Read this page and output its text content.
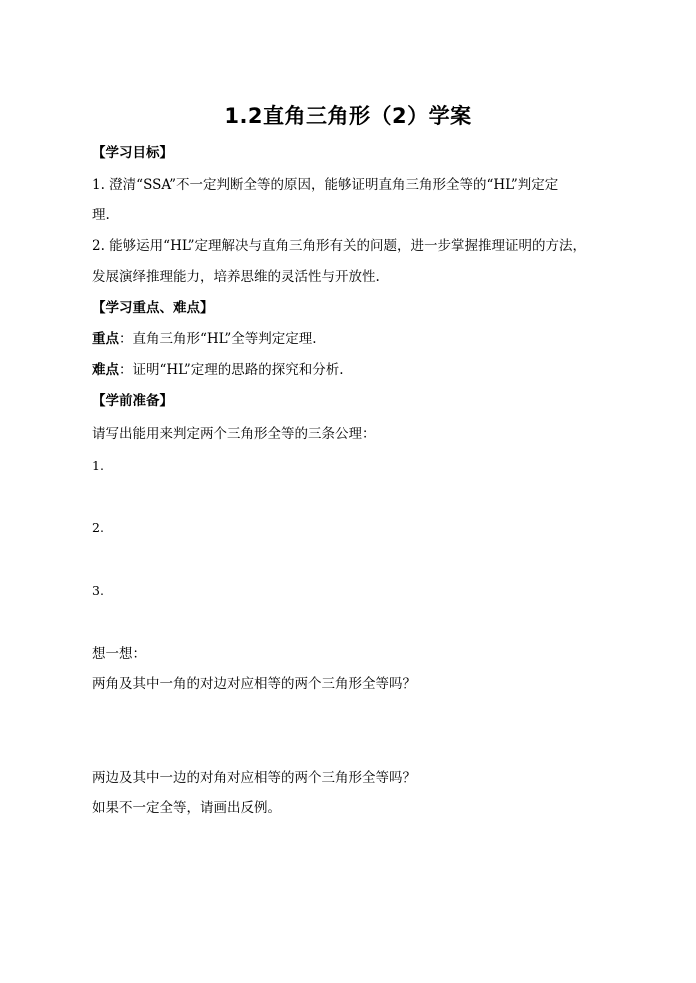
1.2直角三角形（2）学案
【学习目标】
1. 澄清“SSA”不一定判断全等的原因，能够证明直角三角形全等的“HL”判定定
理.
2. 能够运用“HL”定理解决与直角三角形有关的问题，进一步掌握推理证明的方法，
发展演绎推理能力，培养思维的灵活性与开放性.
【学习重点、难点】
重点：直角三角形“HL”全等判定定理.
难点：证明“HL”定理的思路的探究和分析.
【学前准备】
请写出能用来判定两个三角形全等的三条公理：
1.
2.
3.
想一想：
两角及其中一角的对边对应相等的两个三角形全等吗？
两边及其中一边的对角对应相等的两个三角形全等吗？
如果不一定全等，请画出反例。
